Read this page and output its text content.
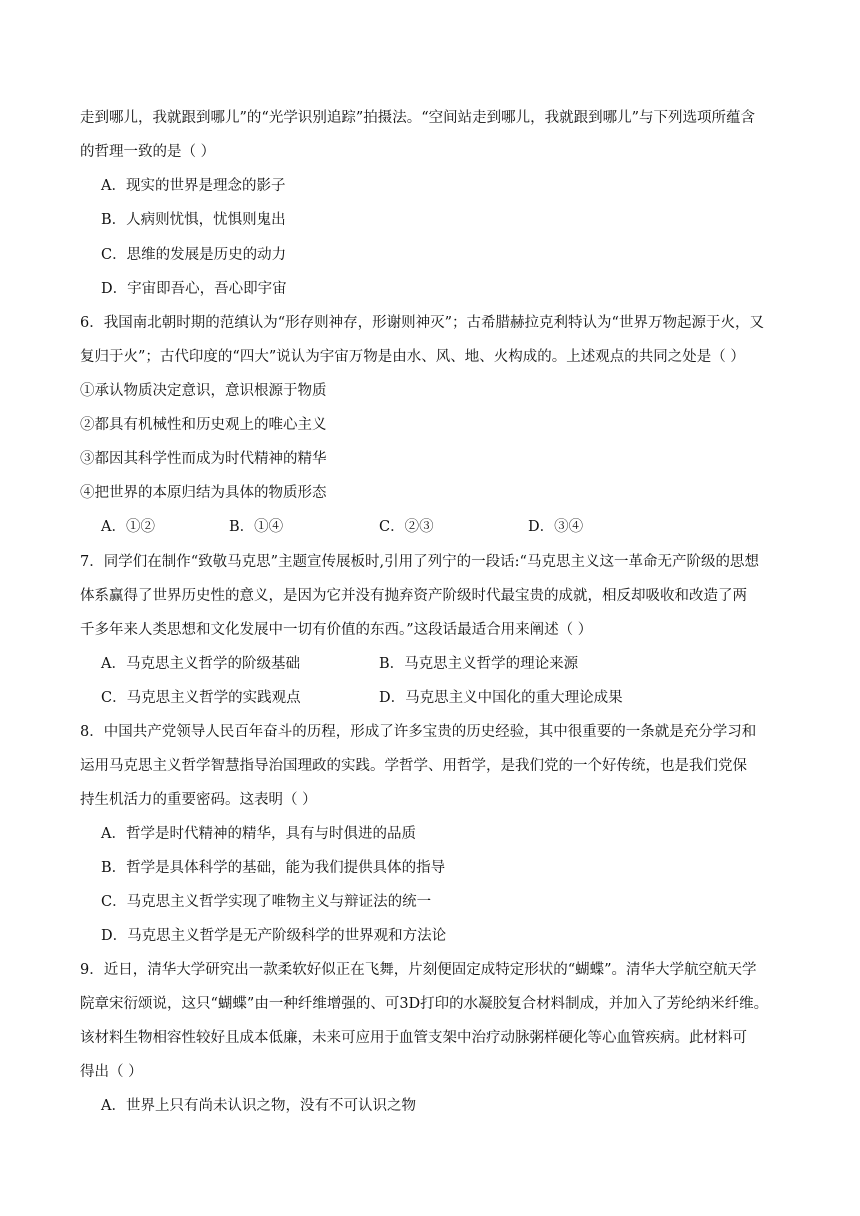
走到哪儿，我就跟到哪儿”的“光学识别追踪”拍摄法。“空间站走到哪儿，我就跟到哪儿”与下列选项所蕴含
的哲理一致的是（ ）
A．现实的世界是理念的影子
B．人病则忧惧，忧惧则鬼出
C．思维的发展是历史的动力
D．宇宙即吾心，吾心即宇宙
6．我国南北朝时期的范缜认为“形存则神存，形谢则神灭”；古希腊赫拉克利特认为“世界万物起源于火，又
复归于火”；古代印度的“四大”说认为宇宙万物是由水、风、地、火构成的。上述观点的共同之处是（ ）
①承认物质决定意识，意识根源于物质
②都具有机械性和历史观上的唯心主义
③都因其科学性而成为时代精神的精华
④把世界的本原归结为具体的物质形态
A．①②	B．①④	C．②③	D．③④
7．同学们在制作“致敬马克思”主题宣传展板时,引用了列宁的一段话:“马克思主义这一革命无产阶级的思想
体系赢得了世界历史性的意义，是因为它并没有抛弃资产阶级时代最宝贵的成就，相反却吸收和改造了两
千多年来人类思想和文化发展中一切有价值的东西。”这段话最适合用来阐述（ ）
A．马克思主义哲学的阶级基础	B．马克思主义哲学的理论来源
C．马克思主义哲学的实践观点	D．马克思主义中国化的重大理论成果
8．中国共产党领导人民百年奋斗的历程，形成了许多宝贵的历史经验，其中很重要的一条就是充分学习和
运用马克思主义哲学智慧指导治国理政的实践。学哲学、用哲学，是我们党的一个好传统，也是我们党保
持生机活力的重要密码。这表明（ ）
A．哲学是时代精神的精华，具有与时俱进的品质
B．哲学是具体科学的基础，能为我们提供具体的指导
C．马克思主义哲学实现了唯物主义与辩证法的统一
D．马克思主义哲学是无产阶级科学的世界观和方法论
9．近日，清华大学研究出一款柔软好似正在飞舞，片刻便固定成特定形状的“蝴蝶”。清华大学航空航天学
院章宋衍颂说，这只“蝴蝶”由一种纤维增强的、可3D打印的水凝胶复合材料制成，并加入了芳纶纳米纤维。
该材料生物相容性较好且成本低廉，未来可应用于血管支架中治疗动脉粥样硬化等心血管疾病。此材料可
得出（ ）
A．世界上只有尚未认识之物，没有不可认识之物
